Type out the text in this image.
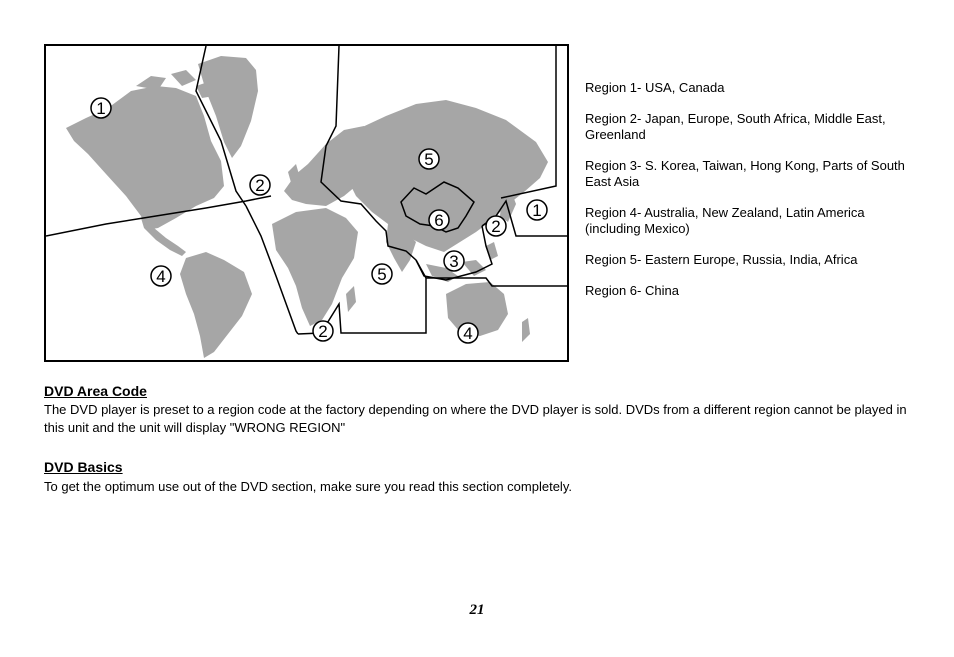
1
2
5
6	2
1
3
4	5
2	4
Region 1- USA, Canada
Region 2- Japan, Europe, South Africa, Middle East, Greenland
Region 3- S. Korea, Taiwan, Hong Kong, Parts of South East Asia
Region 4- Australia, New Zealand, Latin America (including Mexico)
Region 5- Eastern Europe, Russia, India, Africa
Region 6- China
DVD Area Code
The DVD player is preset to a region code at the factory depending on where the DVD player is sold. DVDs from a different region cannot be played in this unit and the unit will display "WRONG REGION"
DVD Basics
To get the optimum use out of the DVD section, make sure you read this section completely.
21
